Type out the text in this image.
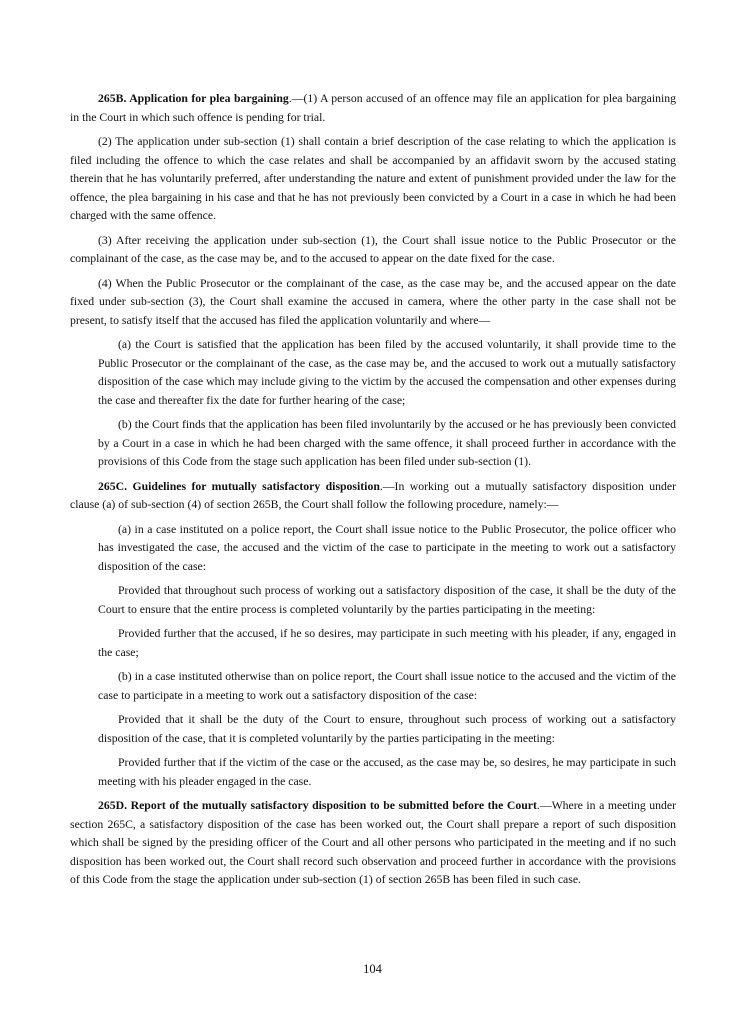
265B. Application for plea bargaining.—(1) A person accused of an offence may file an application for plea bargaining in the Court in which such offence is pending for trial.

(2) The application under sub-section (1) shall contain a brief description of the case relating to which the application is filed including the offence to which the case relates and shall be accompanied by an affidavit sworn by the accused stating therein that he has voluntarily preferred, after understanding the nature and extent of punishment provided under the law for the offence, the plea bargaining in his case and that he has not previously been convicted by a Court in a case in which he had been charged with the same offence.

(3) After receiving the application under sub-section (1), the Court shall issue notice to the Public Prosecutor or the complainant of the case, as the case may be, and to the accused to appear on the date fixed for the case.

(4) When the Public Prosecutor or the complainant of the case, as the case may be, and the accused appear on the date fixed under sub-section (3), the Court shall examine the accused in camera, where the other party in the case shall not be present, to satisfy itself that the accused has filed the application voluntarily and where—

(a) the Court is satisfied that the application has been filed by the accused voluntarily, it shall provide time to the Public Prosecutor or the complainant of the case, as the case may be, and the accused to work out a mutually satisfactory disposition of the case which may include giving to the victim by the accused the compensation and other expenses during the case and thereafter fix the date for further hearing of the case;

(b) the Court finds that the application has been filed involuntarily by the accused or he has previously been convicted by a Court in a case in which he had been charged with the same offence, it shall proceed further in accordance with the provisions of this Code from the stage such application has been filed under sub-section (1).

265C. Guidelines for mutually satisfactory disposition.—In working out a mutually satisfactory disposition under clause (a) of sub-section (4) of section 265B, the Court shall follow the following procedure, namely:—

(a) in a case instituted on a police report, the Court shall issue notice to the Public Prosecutor, the police officer who has investigated the case, the accused and the victim of the case to participate in the meeting to work out a satisfactory disposition of the case:

Provided that throughout such process of working out a satisfactory disposition of the case, it shall be the duty of the Court to ensure that the entire process is completed voluntarily by the parties participating in the meeting:

Provided further that the accused, if he so desires, may participate in such meeting with his pleader, if any, engaged in the case;

(b) in a case instituted otherwise than on police report, the Court shall issue notice to the accused and the victim of the case to participate in a meeting to work out a satisfactory disposition of the case:

Provided that it shall be the duty of the Court to ensure, throughout such process of working out a satisfactory disposition of the case, that it is completed voluntarily by the parties participating in the meeting:

Provided further that if the victim of the case or the accused, as the case may be, so desires, he may participate in such meeting with his pleader engaged in the case.

265D. Report of the mutually satisfactory disposition to be submitted before the Court.—Where in a meeting under section 265C, a satisfactory disposition of the case has been worked out, the Court shall prepare a report of such disposition which shall be signed by the presiding officer of the Court and all other persons who participated in the meeting and if no such disposition has been worked out, the Court shall record such observation and proceed further in accordance with the provisions of this Code from the stage the application under sub-section (1) of section 265B has been filed in such case.

104
